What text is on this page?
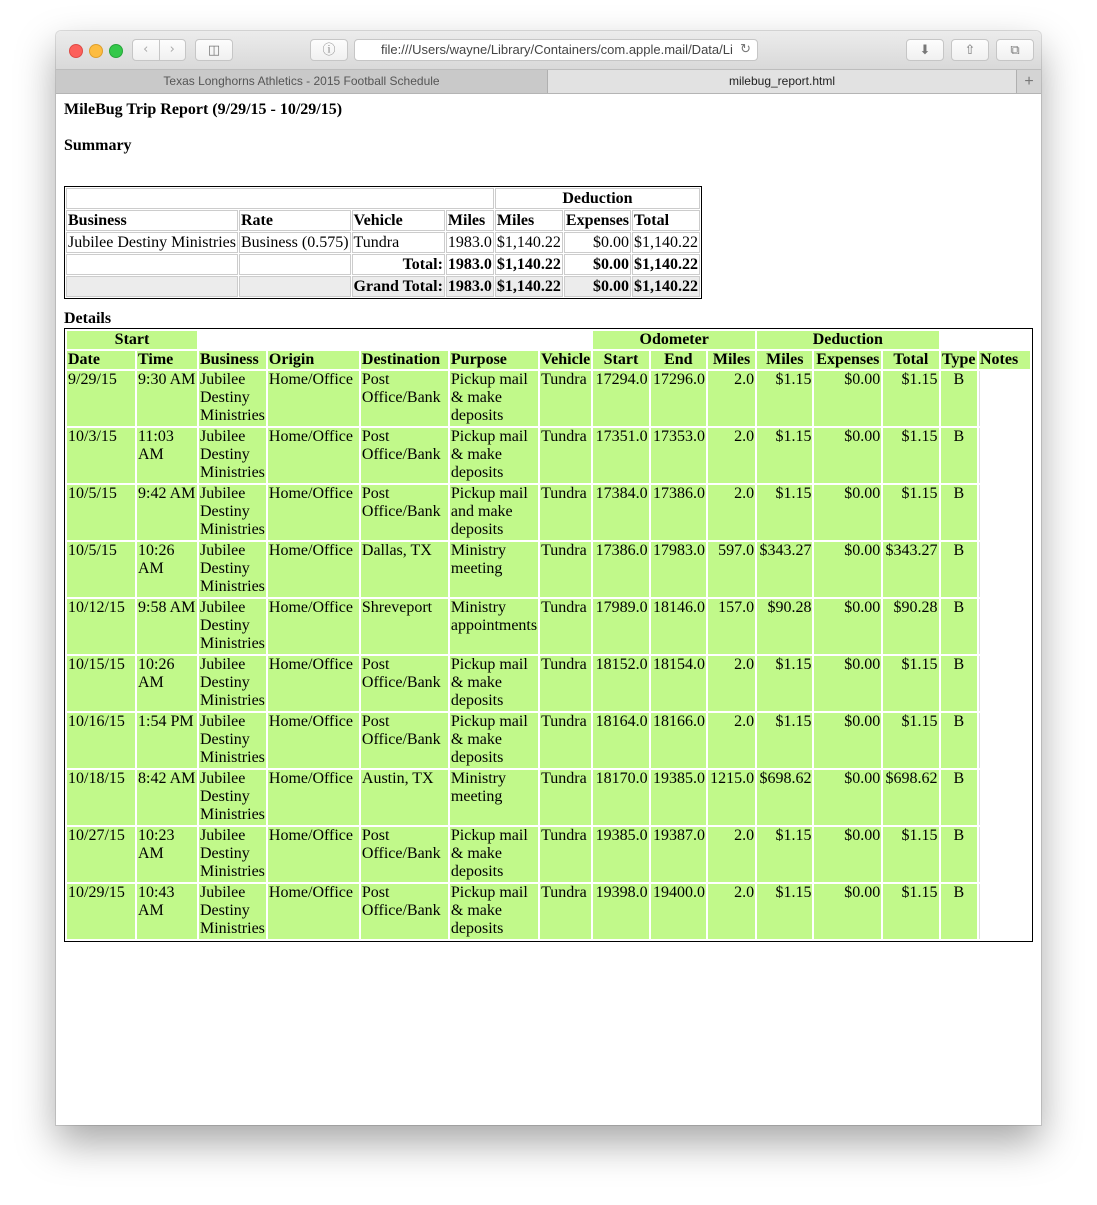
‹	›	◫	ⓘ	file:///Users/wayne/Library/Containers/com.apple.mail/Data/Li ↻	⬇	⇧	⧉
Texas Longhorns Athletics - 2015 Football Schedule	milebug_report.html	+
MileBug Trip Report (9/29/15 - 10/29/15)
Summary
				Deduction		
Business	Rate	Vehicle	Miles	Miles	Expenses	Total
Jubilee Destiny Ministries	Business (0.575)	Tundra	1983.0	$1,140.22	$0.00	$1,140.22
		Total:	1983.0	$1,140.22	$0.00	$1,140.22
		Grand Total:	1983.0	$1,140.22	$0.00	$1,140.22
Details
Start							Odometer			Deduction				
Date	Time	Business	Origin	Destination	Purpose	Vehicle	Start	End	Miles	Miles	Expenses	Total	Type	Notes
9/29/15	9:30 AM	Jubilee Destiny Ministries	Home/Office	Post Office/Bank	Pickup mail & make deposits	Tundra	17294.0	17296.0	2.0	$1.15	$0.00	$1.15	B	
10/3/15	11:03 AM	Jubilee Destiny Ministries	Home/Office	Post Office/Bank	Pickup mail & make deposits	Tundra	17351.0	17353.0	2.0	$1.15	$0.00	$1.15	B	
10/5/15	9:42 AM	Jubilee Destiny Ministries	Home/Office	Post Office/Bank	Pickup mail and make deposits	Tundra	17384.0	17386.0	2.0	$1.15	$0.00	$1.15	B	
10/5/15	10:26 AM	Jubilee Destiny Ministries	Home/Office	Dallas, TX	Ministry meeting	Tundra	17386.0	17983.0	597.0	$343.27	$0.00	$343.27	B	
10/12/15	9:58 AM	Jubilee Destiny Ministries	Home/Office	Shreveport	Ministry appointments	Tundra	17989.0	18146.0	157.0	$90.28	$0.00	$90.28	B	
10/15/15	10:26 AM	Jubilee Destiny Ministries	Home/Office	Post Office/Bank	Pickup mail & make deposits	Tundra	18152.0	18154.0	2.0	$1.15	$0.00	$1.15	B	
10/16/15	1:54 PM	Jubilee Destiny Ministries	Home/Office	Post Office/Bank	Pickup mail & make deposits	Tundra	18164.0	18166.0	2.0	$1.15	$0.00	$1.15	B	
10/18/15	8:42 AM	Jubilee Destiny Ministries	Home/Office	Austin, TX	Ministry meeting	Tundra	18170.0	19385.0	1215.0	$698.62	$0.00	$698.62	B	
10/27/15	10:23 AM	Jubilee Destiny Ministries	Home/Office	Post Office/Bank	Pickup mail & make deposits	Tundra	19385.0	19387.0	2.0	$1.15	$0.00	$1.15	B	
10/29/15	10:43 AM	Jubilee Destiny Ministries	Home/Office	Post Office/Bank	Pickup mail & make deposits	Tundra	19398.0	19400.0	2.0	$1.15	$0.00	$1.15	B	
